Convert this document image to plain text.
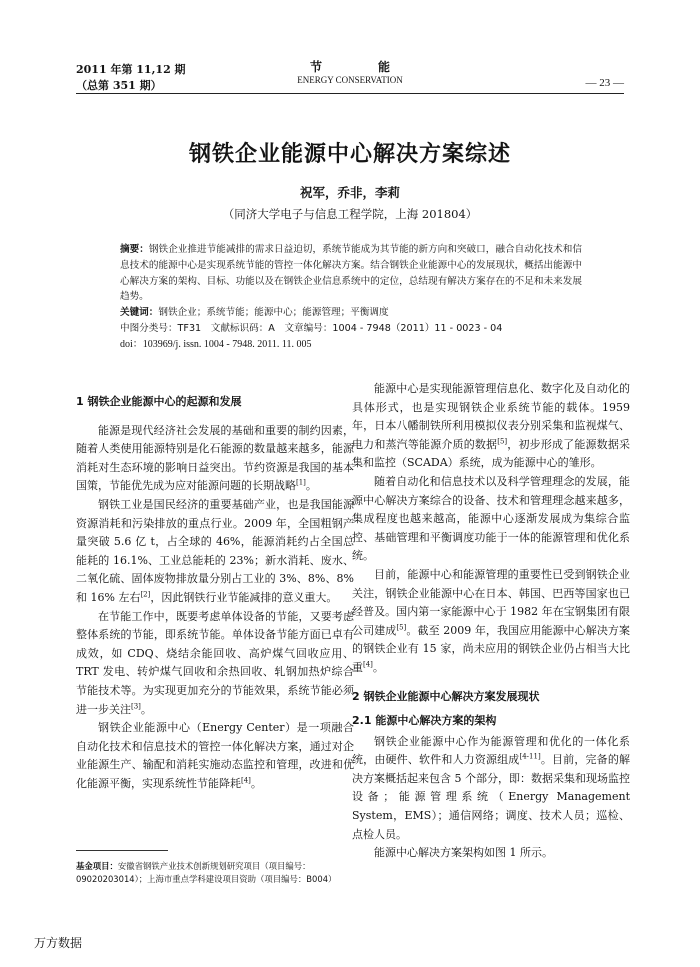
2011 年第 11,12 期
（总第 351 期）
节　能
ENERGY CONSERVATION	— 23 —
钢铁企业能源中心解决方案综述
祝军，乔非，李莉
（同济大学电子与信息工程学院，上海 201804）
摘要：钢铁企业推进节能减排的需求日益迫切，系统节能成为其节能的新方向和突破口，融合自动化技术和信息技术的能源中心是实现系统节能的管控一体化解决方案。结合钢铁企业能源中心的发展现状，概括出能源中心解决方案的架构、目标、功能以及在钢铁企业信息系统中的定位，总结现有解决方案存在的不足和未来发展趋势。
关键词：钢铁企业；系统节能；能源中心；能源管理；平衡调度
中图分类号：TF31　文献标识码：A　文章编号：1004 - 7948（2011）11 - 0023 - 04
doi：103969/j. issn. 1004 - 7948. 2011. 11. 005

1 钢铁企业能源中心的起源和发展

能源是现代经济社会发展的基础和重要的制约因素，随着人类使用能源特别是化石能源的数量越来越多，能源消耗对生态环境的影响日益突出。节约资源是我国的基本国策，节能优先成为应对能源问题的长期战略[1]。

钢铁工业是国民经济的重要基础产业，也是我国能源资源消耗和污染排放的重点行业。2009 年，全国粗钢产量突破 5.6 亿 t，占全球的 46%，能源消耗约占全国总能耗的 16.1%、工业总能耗的 23%；新水消耗、废水、二氧化硫、固体废物排放量分别占工业的 3%、8%、8% 和 16% 左右[2]，因此钢铁行业节能减排的意义重大。

在节能工作中，既要考虑单体设备的节能，又要考虑整体系统的节能，即系统节能。单体设备节能方面已卓有成效，如 CDQ、烧结余能回收、高炉煤气回收应用、TRT 发电、转炉煤气回收和余热回收、轧钢加热炉综合节能技术等。为实现更加充分的节能效果，系统节能必须进一步关注[3]。

钢铁企业能源中心（Energy Center）是一项融合自动化技术和信息技术的管控一体化解决方案，通过对企业能源生产、输配和消耗实施动态监控和管理，改进和优化能源平衡，实现系统性节能降耗[4]。

能源中心是实现能源管理信息化、数字化及自动化的具体形式，也是实现钢铁企业系统节能的载体。1959 年，日本八幡制铁所利用模拟仪表分别采集和监视煤气、电力和蒸汽等能源介质的数据[5]，初步形成了能源数据采集和监控（SCADA）系统，成为能源中心的雏形。

随着自动化和信息技术以及科学管理理念的发展，能源中心解决方案综合的设备、技术和管理理念越来越多，集成程度也越来越高，能源中心逐渐发展成为集综合监控、基础管理和平衡调度功能于一体的能源管理和优化系统。

目前，能源中心和能源管理的重要性已受到钢铁企业关注，钢铁企业能源中心在日本、韩国、巴西等国家也已经普及。国内第一家能源中心于 1982 年在宝钢集团有限公司建成[5]。截至 2009 年，我国应用能源中心解决方案的钢铁企业有 15 家，尚未应用的钢铁企业仍占相当大比重[4]。

2 钢铁企业能源中心解决方案发展现状

2.1 能源中心解决方案的架构

钢铁企业能源中心作为能源管理和优化的一体化系统，由硬件、软件和人力资源组成[4-11]。目前，完备的解决方案概括起来包含 5 个部分，即：数据采集和现场监控设备；能源管理系统（Energy Management System，EMS）；通信网络；调度、技术人员；巡检、点检人员。

能源中心解决方案架构如图 1 所示。

基金项目：安徽省钢铁产业技术创新规划研究项目（项目编号：09020203014）；上海市重点学科建设项目资助（项目编号：B004）
万方数据
